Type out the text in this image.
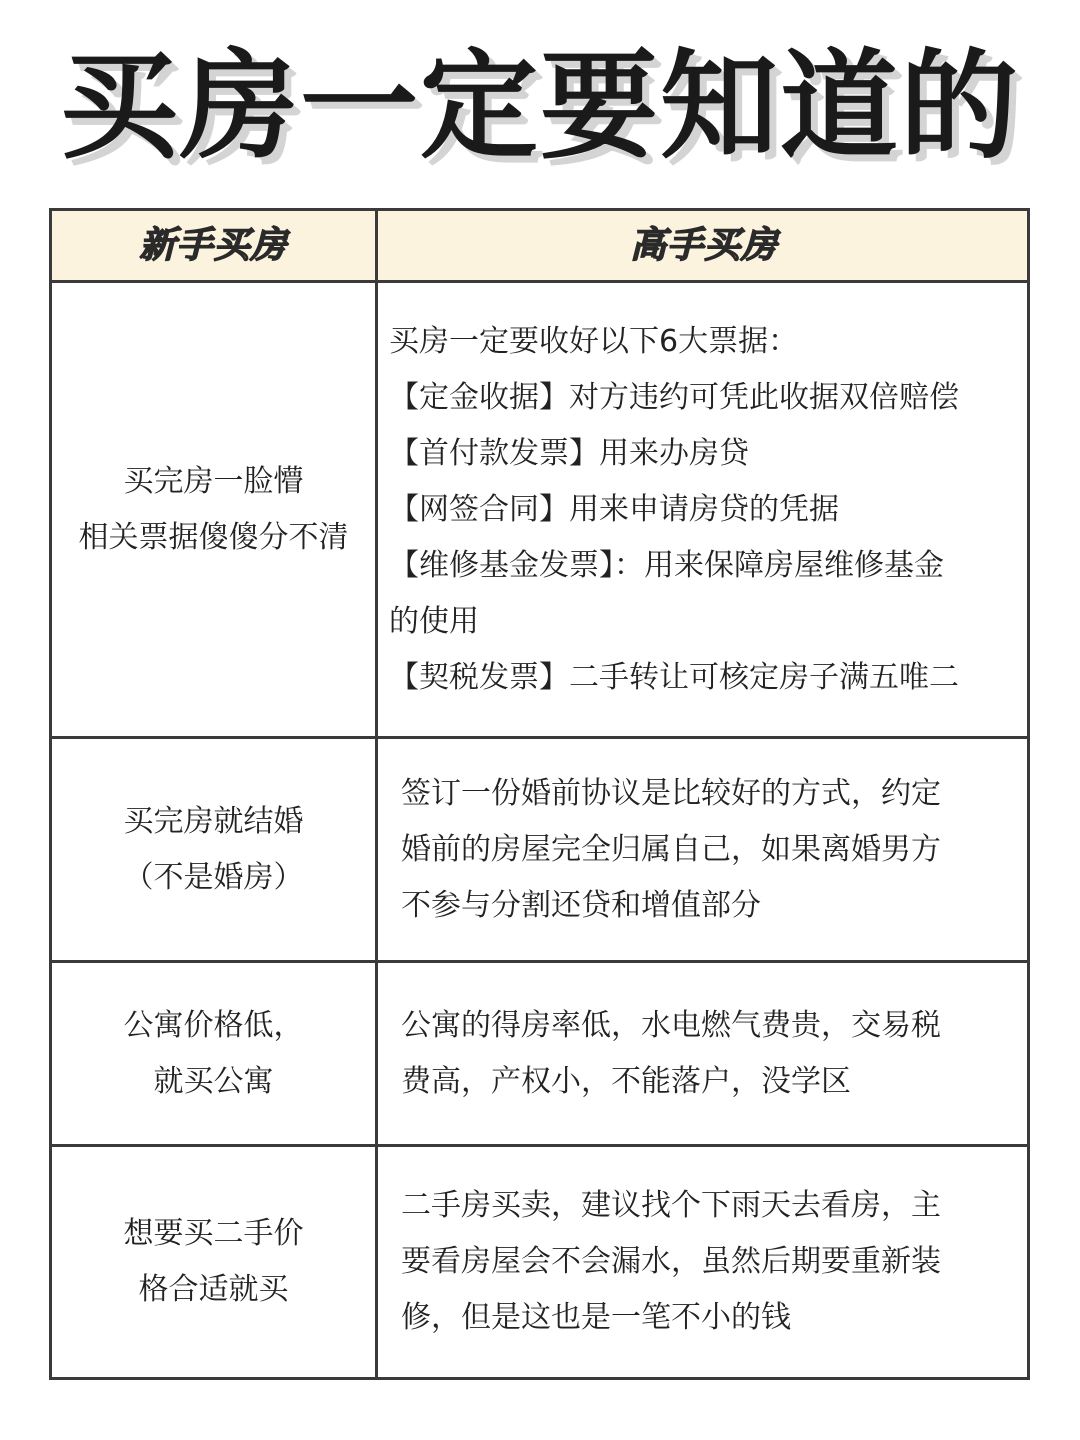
买房一定要知道的
新手买房	高手买房
买完房一脸懵
相关票据傻傻分不清
买房一定要收好以下6大票据：
【定金收据】对方违约可凭此收据双倍赔偿
【首付款发票】用来办房贷
【网签合同】用来申请房贷的凭据
【维修基金发票】：用来保障房屋维修基金
的使用
【契税发票】二手转让可核定房子满五唯二
买完房就结婚
（不是婚房）
签订一份婚前协议是比较好的方式，约定
婚前的房屋完全归属自己，如果离婚男方
不参与分割还贷和增值部分
公寓价格低，
就买公寓
公寓的得房率低，水电燃气费贵，交易税
费高，产权小，不能落户，没学区
想要买二手价
格合适就买
二手房买卖，建议找个下雨天去看房，主
要看房屋会不会漏水，虽然后期要重新装
修，但是这也是一笔不小的钱
